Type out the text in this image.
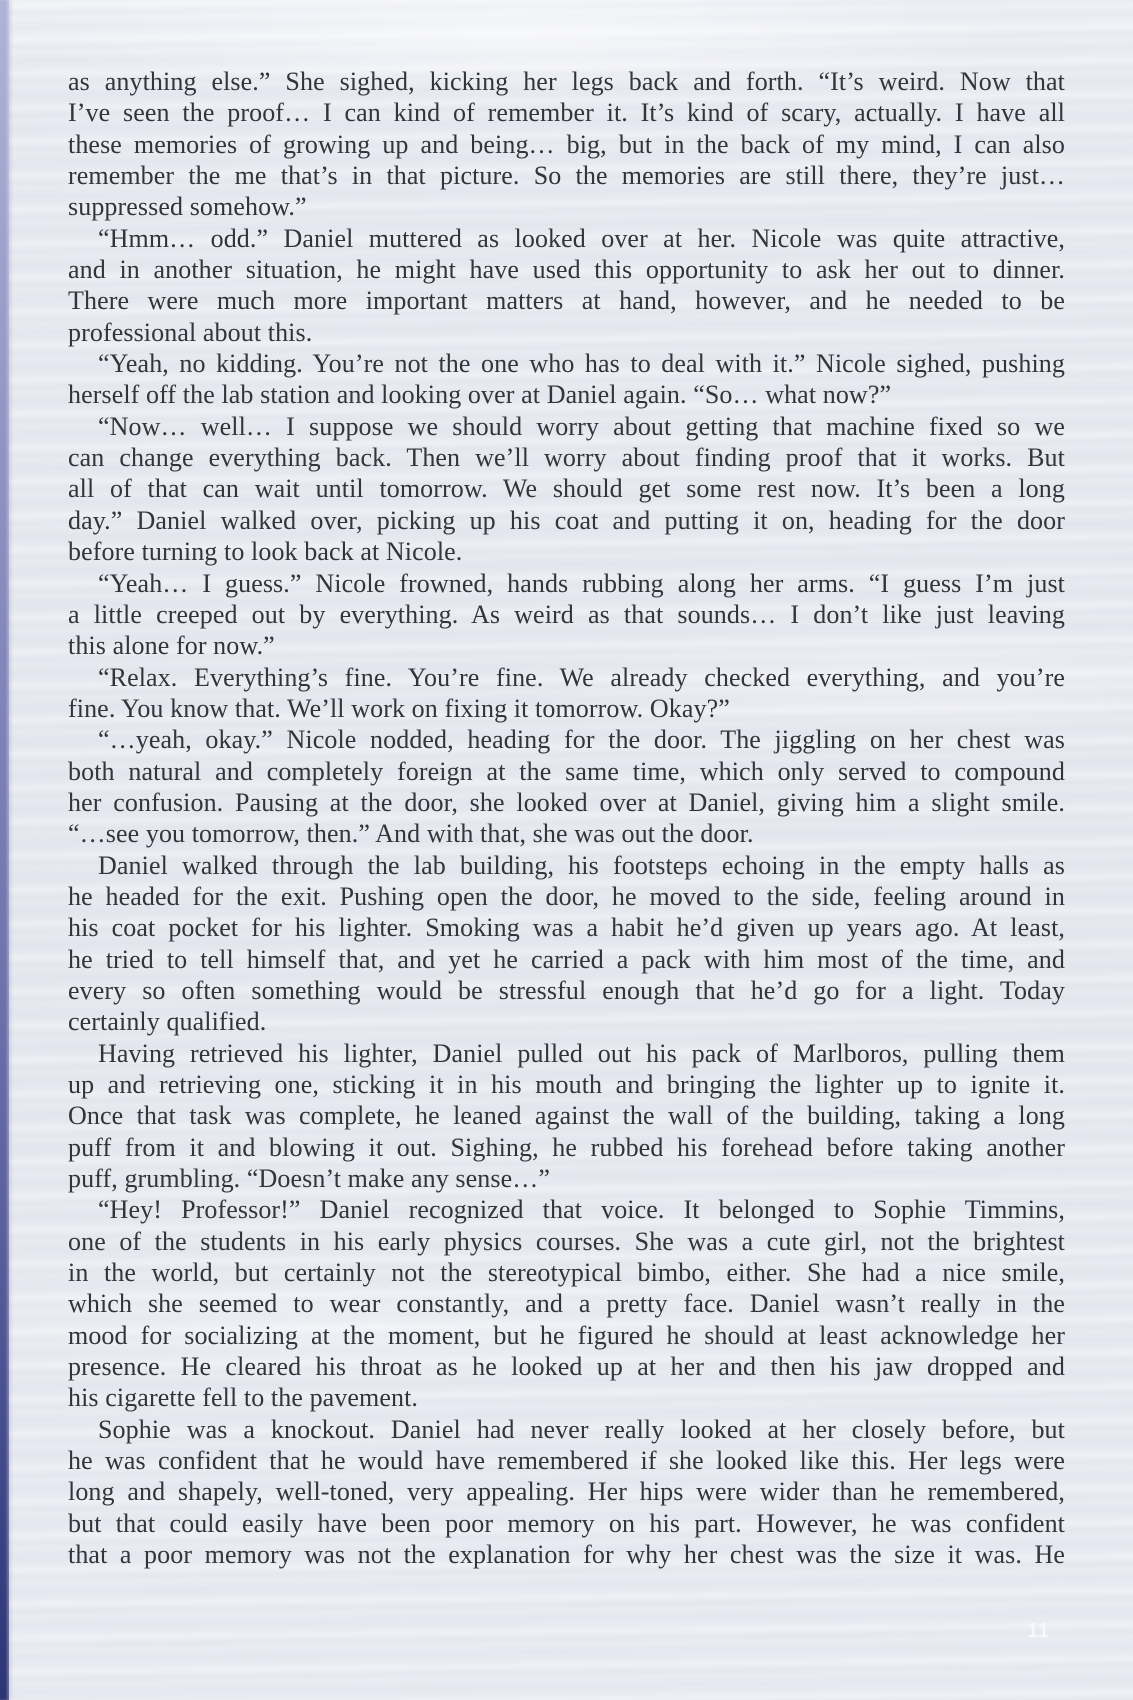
as anything else.” She sighed, kicking her legs back and forth. “It’s weird. Now that
I’ve seen the proof… I can kind of remember it. It’s kind of scary, actually. I have all
these memories of growing up and being… big, but in the back of my mind, I can also
remember the me that’s in that picture. So the memories are still there, they’re just…
suppressed somehow.”
“Hmm… odd.” Daniel muttered as looked over at her. Nicole was quite attractive,
and in another situation, he might have used this opportunity to ask her out to dinner.
There were much more important matters at hand, however, and he needed to be
professional about this.
“Yeah, no kidding. You’re not the one who has to deal with it.” Nicole sighed, pushing
herself off the lab station and looking over at Daniel again. “So… what now?”
“Now… well… I suppose we should worry about getting that machine fixed so we
can change everything back. Then we’ll worry about finding proof that it works. But
all of that can wait until tomorrow. We should get some rest now. It’s been a long
day.” Daniel walked over, picking up his coat and putting it on, heading for the door
before turning to look back at Nicole.
“Yeah… I guess.” Nicole frowned, hands rubbing along her arms. “I guess I’m just
a little creeped out by everything. As weird as that sounds… I don’t like just leaving
this alone for now.”
“Relax. Everything’s fine. You’re fine. We already checked everything, and you’re
fine. You know that. We’ll work on fixing it tomorrow. Okay?”
“…yeah, okay.” Nicole nodded, heading for the door. The jiggling on her chest was
both natural and completely foreign at the same time, which only served to compound
her confusion. Pausing at the door, she looked over at Daniel, giving him a slight smile.
“…see you tomorrow, then.” And with that, she was out the door.
Daniel walked through the lab building, his footsteps echoing in the empty halls as
he headed for the exit. Pushing open the door, he moved to the side, feeling around in
his coat pocket for his lighter. Smoking was a habit he’d given up years ago. At least,
he tried to tell himself that, and yet he carried a pack with him most of the time, and
every so often something would be stressful enough that he’d go for a light. Today
certainly qualified.
Having retrieved his lighter, Daniel pulled out his pack of Marlboros, pulling them
up and retrieving one, sticking it in his mouth and bringing the lighter up to ignite it.
Once that task was complete, he leaned against the wall of the building, taking a long
puff from it and blowing it out. Sighing, he rubbed his forehead before taking another
puff, grumbling. “Doesn’t make any sense…”
“Hey! Professor!” Daniel recognized that voice. It belonged to Sophie Timmins,
one of the students in his early physics courses. She was a cute girl, not the brightest
in the world, but certainly not the stereotypical bimbo, either. She had a nice smile,
which she seemed to wear constantly, and a pretty face. Daniel wasn’t really in the
mood for socializing at the moment, but he figured he should at least acknowledge her
presence. He cleared his throat as he looked up at her and then his jaw dropped and
his cigarette fell to the pavement.
Sophie was a knockout. Daniel had never really looked at her closely before, but
he was confident that he would have remembered if she looked like this. Her legs were
long and shapely, well-toned, very appealing. Her hips were wider than he remembered,
but that could easily have been poor memory on his part. However, he was confident
that a poor memory was not the explanation for why her chest was the size it was. He
11
